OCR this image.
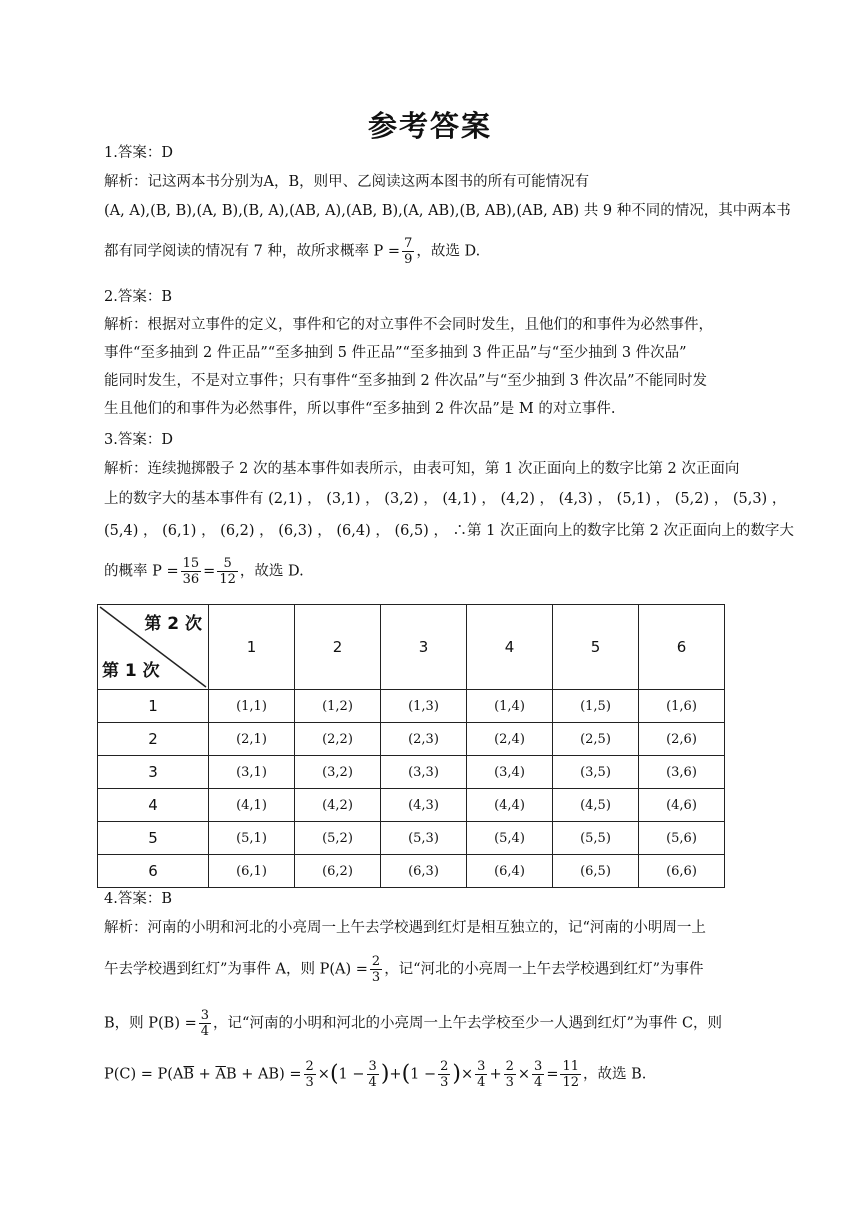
参考答案
1.答案：D
解析：记这两本书分别为A，B，则甲、乙阅读这两本图书的所有可能情况有
(A, A),(B, B),(A, B),(B, A),(AB, A),(AB, B),(A, AB),(B, AB),(AB, AB) 共 9 种不同的情况，其中两本书
都有同学阅读的情况有 7 种，故所求概率 $P = \frac{7}{9}$ ，故选 D.
2.答案：B
解析：根据对立事件的定义，事件和它的对立事件不会同时发生，且他们的和事件为必然事件，
事件“至多抽到 2 件正品”“至多抽到 5 件正品”“至多抽到 3 件正品”与“至少抽到 3 件次品”
能同时发生，不是对立事件；只有事件“至多抽到 2 件次品”与“至少抽到 3 件次品”不能同时发
生且他们的和事件为必然事件，所以事件“至多抽到 2 件次品”是 M 的对立事件.
3.答案：D
解析：连续抛掷骰子 2 次的基本事件如表所示，由表可知，第 1 次正面向上的数字比第 2 次正面向
上的数字大的基本事件有 (2,1) ， (3,1) ， (3,2) ， (4,1) ， (4,2) ， (4,3) ， (5,1) ， (5,2) ， (5,3) ，
(5,4) ， (6,1) ， (6,2) ， (6,3) ， (6,4) ， (6,5) ， ∴第 1 次正面向上的数字比第 2 次正面向上的数字大
的概率 $P = \frac{15}{36} = \frac{5}{12}$ ，故选 D.
第 2 次
第 1 次	1	2	3	4	5	6
1	(1,1)	(1,2)	(1,3)	(1,4)	(1,5)	(1,6)
2	(2,1)	(2,2)	(2,3)	(2,4)	(2,5)	(2,6)
3	(3,1)	(3,2)	(3,3)	(3,4)	(3,5)	(3,6)
4	(4,1)	(4,2)	(4,3)	(4,4)	(4,5)	(4,6)
5	(5,1)	(5,2)	(5,3)	(5,4)	(5,5)	(5,6)
6	(6,1)	(6,2)	(6,3)	(6,4)	(6,5)	(6,6)
4.答案：B
解析：河南的小明和河北的小亮周一上午去学校遇到红灯是相互独立的，记“河南的小明周一上
午去学校遇到红灯”为事件 A，则 $P(A) = \frac{2}{3}$ ，记“河北的小亮周一上午去学校遇到红灯”为事件
B，则 $P(B) = \frac{3}{4}$ ，记“河南的小明和河北的小亮周一上午去学校至少一人遇到红灯”为事件 C，则
$P(C) = P(A\overline{B} + \overline{A}B + AB) = \frac{2}{3} \times(1 - \frac{3}{4} )+(1 - \frac{2}{3}$ )× $\frac{3}{4} + \frac{2}{3} \times \frac{3}{4} = \frac{11}{12}$ ，故选 B.
